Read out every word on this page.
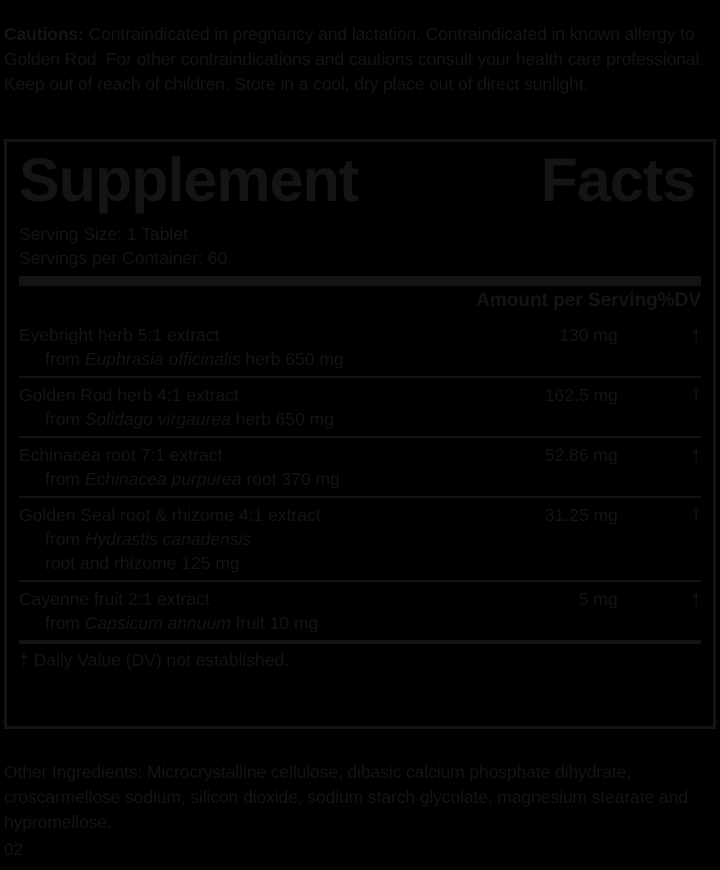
Cautions: Contraindicated in pregnancy and lactation. Contraindicated in known allergy to Golden Rod. For other contraindications and cautions consult your health care professional. Keep out of reach of children. Store in a cool, dry place out of direct sunlight.

Supplement	Facts
Serving Size: 1 Tablet
Servings per Container: 60
	Amount per Serving	%DV
Eyebright herb 5:1 extract
from Euphrasia officinalis herb 650 mg	130 mg	†
Golden Rod herb 4:1 extract
from Solidago virgaurea herb 650 mg	162.5 mg	†
Echinacea root 7:1 extract
from Echinacea purpurea root 370 mg	52.86 mg	†
Golden Seal root & rhizome 4:1 extract
from Hydrastis canadensis
root and rhizome 125 mg	31.25 mg	†
Cayenne fruit 2:1 extract
from Capsicum annuum fruit 10 mg	5 mg	†
† Daily Value (DV) not established.

Other Ingredients: Microcrystalline cellulose, dibasic calcium phosphate dihydrate, croscarmellose sodium, silicon dioxide, sodium starch glycolate, magnesium stearate and hypromellose.

02
